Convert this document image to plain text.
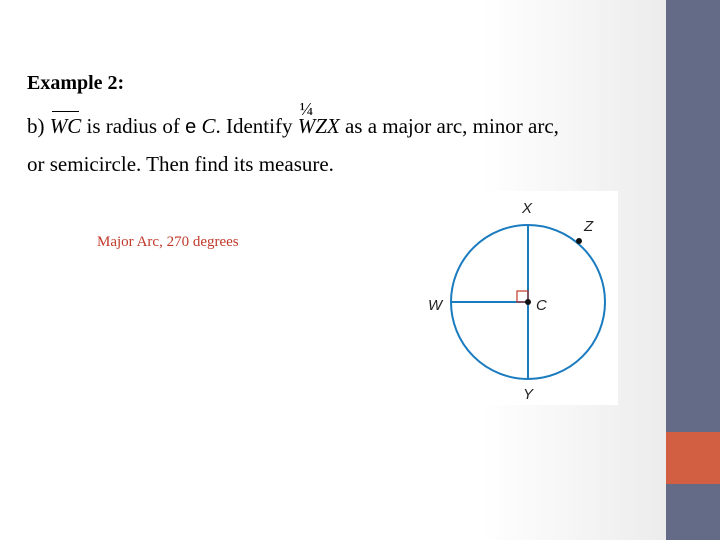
Example 2:
b) WC is radius of e C. Identify
¼
WZX as a major arc, minor arc,
or semicircle. Then find its measure.
Major Arc, 270 degrees
X
Z
W	C
Y
